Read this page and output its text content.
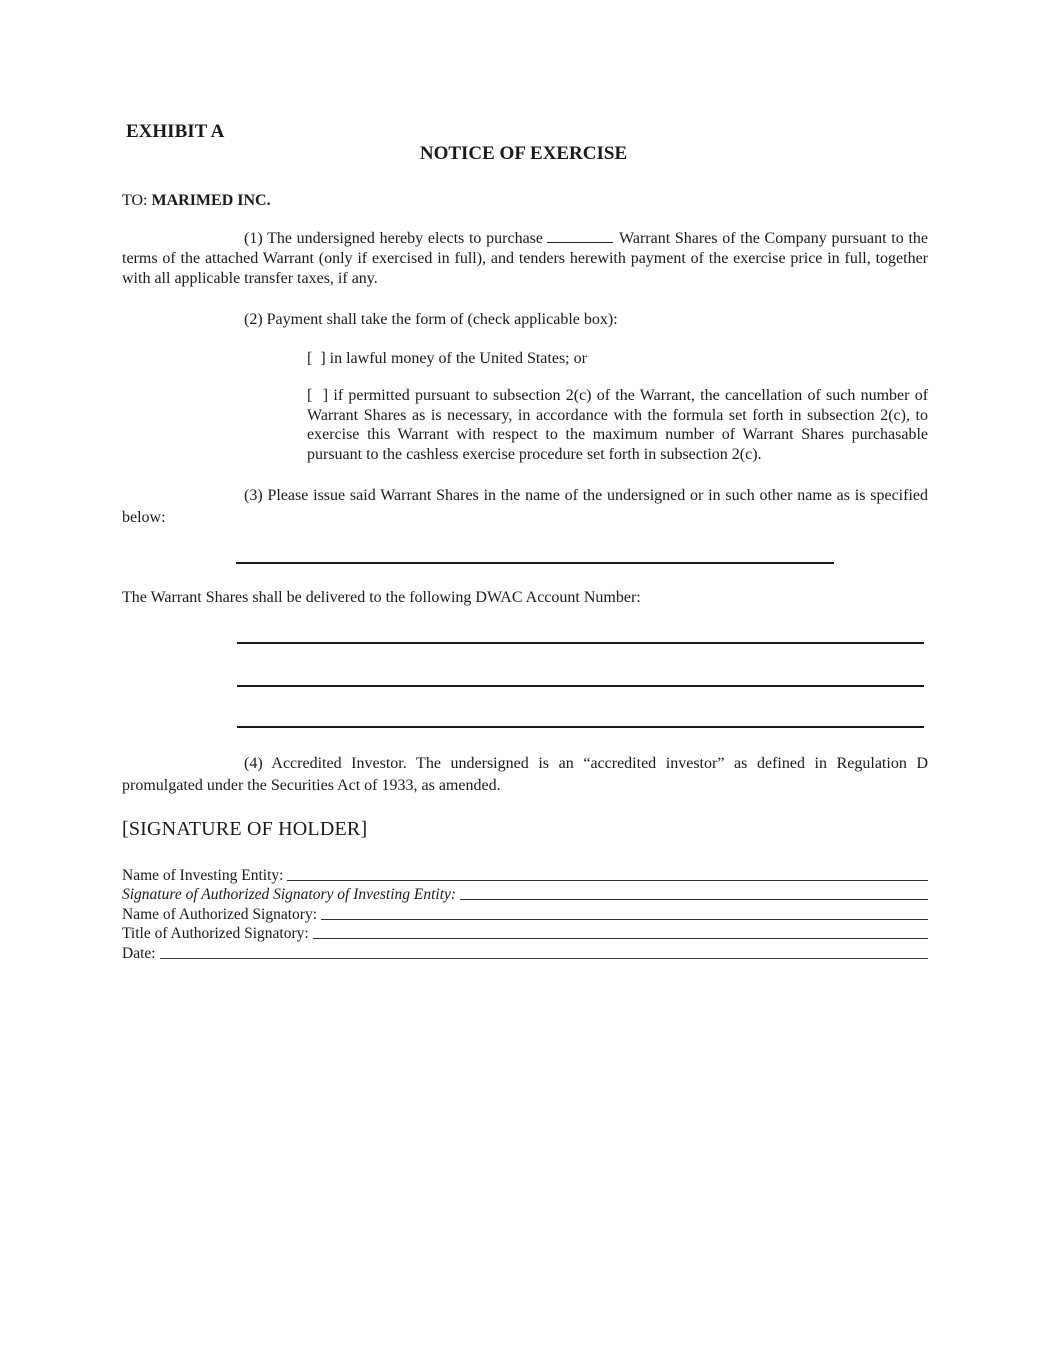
EXHIBIT A
NOTICE OF EXERCISE
TO: MARIMED INC.
(1) The undersigned hereby elects to purchase	Warrant Shares of the Company pursuant to the terms of the attached Warrant (only if exercised in full), and tenders herewith payment of the exercise price in full, together with all applicable transfer taxes, if any.
(2) Payment shall take the form of (check applicable box):
[  ] in lawful money of the United States; or
[  ] if permitted pursuant to subsection 2(c) of the Warrant, the cancellation of such number of Warrant Shares as is necessary, in accordance with the formula set forth in subsection 2(c), to exercise this Warrant with respect to the maximum number of Warrant Shares purchasable pursuant to the cashless exercise procedure set forth in subsection 2(c).
(3) Please issue said Warrant Shares in the name of the undersigned or in such other name as is specified below:
The Warrant Shares shall be delivered to the following DWAC Account Number:
(4) Accredited Investor. The undersigned is an “accredited investor” as defined in Regulation D promulgated under the Securities Act of 1933, as amended.
[SIGNATURE OF HOLDER]
Name of Investing Entity:
Signature of Authorized Signatory of Investing Entity:
Name of Authorized Signatory:
Title of Authorized Signatory:
Date:
